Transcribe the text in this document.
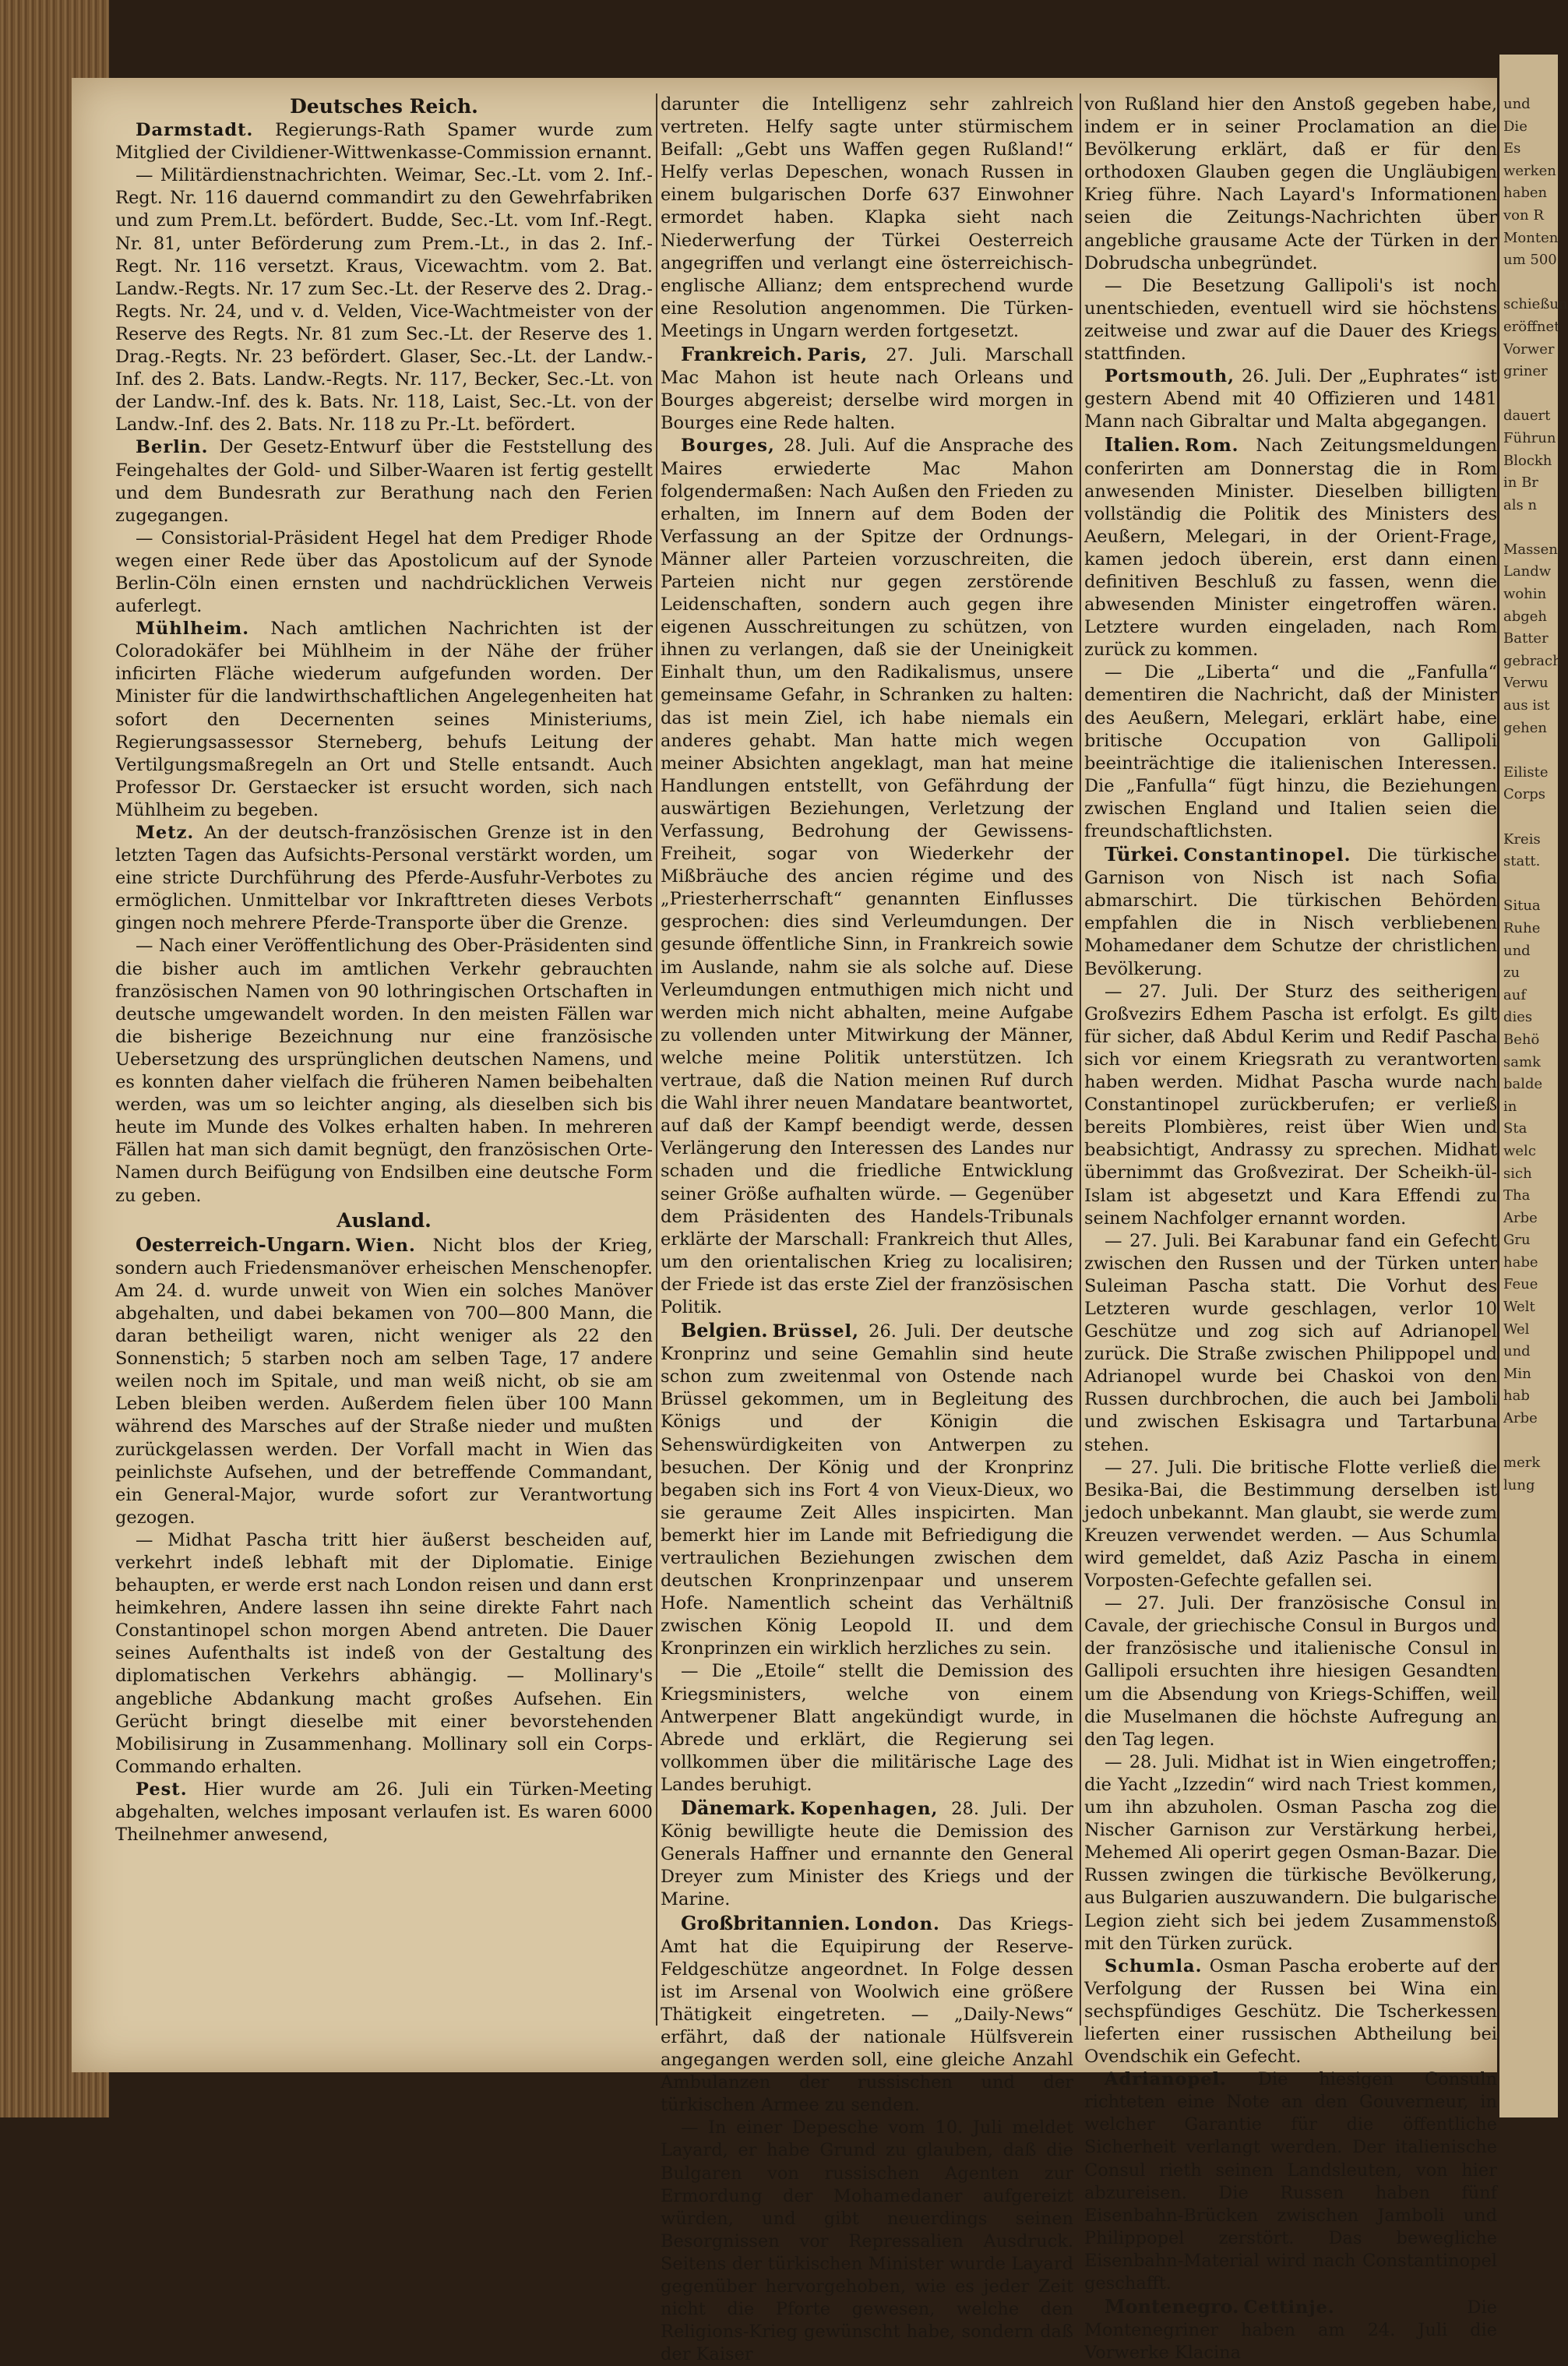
Deutsches Reich.

Darmstadt. Regierungs-Rath Spamer wurde zum Mitglied der Civildiener-Wittwenkasse-Commission ernannt.

— Militärdienstnachrichten. Weimar, Sec.-Lt. vom 2. Inf.-Regt. Nr. 116 dauernd commandirt zu den Gewehrfabriken und zum Prem.Lt. befördert. Budde, Sec.-Lt. vom Inf.-Regt. Nr. 81, unter Beförderung zum Prem.-Lt., in das 2. Inf.-Regt. Nr. 116 versetzt. Kraus, Vicewachtm. vom 2. Bat. Landw.-Regts. Nr. 17 zum Sec.-Lt. der Reserve des 2. Drag.-Regts. Nr. 24, und v. d. Velden, Vice-Wachtmeister von der Reserve des Regts. Nr. 81 zum Sec.-Lt. der Reserve des 1. Drag.-Regts. Nr. 23 befördert. Glaser, Sec.-Lt. der Landw.-Inf. des 2. Bats. Landw.-Regts. Nr. 117, Becker, Sec.-Lt. von der Landw.-Inf. des k. Bats. Nr. 118, Laist, Sec.-Lt. von der Landw.-Inf. des 2. Bats. Nr. 118 zu Pr.-Lt. befördert.

Berlin. Der Gesetz-Entwurf über die Feststellung des Feingehaltes der Gold- und Silber-Waaren ist fertig gestellt und dem Bundesrath zur Berathung nach den Ferien zugegangen.

— Consistorial-Präsident Hegel hat dem Prediger Rhode wegen einer Rede über das Apostolicum auf der Synode Berlin-Cöln einen ernsten und nachdrücklichen Verweis auferlegt.

Mühlheim. Nach amtlichen Nachrichten ist der Coloradokäfer bei Mühlheim in der Nähe der früher inficirten Fläche wiederum aufgefunden worden. Der Minister für die landwirthschaftlichen Angelegenheiten hat sofort den Decernenten seines Ministeriums, Regierungsassessor Sterneberg, behufs Leitung der Vertilgungsmaßregeln an Ort und Stelle entsandt. Auch Professor Dr. Gerstaecker ist ersucht worden, sich nach Mühlheim zu begeben.

Metz. An der deutsch-französischen Grenze ist in den letzten Tagen das Aufsichts-Personal verstärkt worden, um eine stricte Durchführung des Pferde-Ausfuhr-Verbotes zu ermöglichen. Unmittelbar vor Inkrafttreten dieses Verbots gingen noch mehrere Pferde-Transporte über die Grenze.

— Nach einer Veröffentlichung des Ober-Präsidenten sind die bisher auch im amtlichen Verkehr gebrauchten französischen Namen von 90 lothringischen Ortschaften in deutsche umgewandelt worden. In den meisten Fällen war die bisherige Bezeichnung nur eine französische Uebersetzung des ursprünglichen deutschen Namens, und es konnten daher vielfach die früheren Namen beibehalten werden, was um so leichter anging, als dieselben sich bis heute im Munde des Volkes erhalten haben. In mehreren Fällen hat man sich damit begnügt, den französischen Orte-Namen durch Beifügung von Endsilben eine deutsche Form zu geben.

Ausland.

Oesterreich-Ungarn. Wien. Nicht blos der Krieg, sondern auch Friedensmanöver erheischen Menschenopfer. Am 24. d. wurde unweit von Wien ein solches Manöver abgehalten, und dabei bekamen von 700—800 Mann, die daran betheiligt waren, nicht weniger als 22 den Sonnenstich; 5 starben noch am selben Tage, 17 andere weilen noch im Spitale, und man weiß nicht, ob sie am Leben bleiben werden. Außerdem fielen über 100 Mann während des Marsches auf der Straße nieder und mußten zurückgelassen werden. Der Vorfall macht in Wien das peinlichste Aufsehen, und der betreffende Commandant, ein General-Major, wurde sofort zur Verantwortung gezogen.

— Midhat Pascha tritt hier äußerst bescheiden auf, verkehrt indeß lebhaft mit der Diplomatie. Einige behaupten, er werde erst nach London reisen und dann erst heimkehren, Andere lassen ihn seine direkte Fahrt nach Constantinopel schon morgen Abend antreten. Die Dauer seines Aufenthalts ist indeß von der Gestaltung des diplomatischen Verkehrs abhängig. — Mollinary's angebliche Abdankung macht großes Aufsehen. Ein Gerücht bringt dieselbe mit einer bevorstehenden Mobilisirung in Zusammenhang. Mollinary soll ein Corps-Commando erhalten.

Pest. Hier wurde am 26. Juli ein Türken-Meeting abgehalten, welches imposant verlaufen ist. Es waren 6000 Theilnehmer anwesend,

darunter die Intelligenz sehr zahlreich vertreten. Helfy sagte unter stürmischem Beifall: „Gebt uns Waffen gegen Rußland!“ Helfy verlas Depeschen, wonach Russen in einem bulgarischen Dorfe 637 Einwohner ermordet haben. Klapka sieht nach Niederwerfung der Türkei Oesterreich angegriffen und verlangt eine österreichisch-englische Allianz; dem entsprechend wurde eine Resolution angenommen. Die Türken-Meetings in Ungarn werden fortgesetzt.

Frankreich. Paris, 27. Juli. Marschall Mac Mahon ist heute nach Orleans und Bourges abgereist; derselbe wird morgen in Bourges eine Rede halten.

Bourges, 28. Juli. Auf die Ansprache des Maires erwiederte Mac Mahon folgendermaßen: Nach Außen den Frieden zu erhalten, im Innern auf dem Boden der Verfassung an der Spitze der Ordnungs-Männer aller Parteien vorzuschreiten, die Parteien nicht nur gegen zerstörende Leidenschaften, sondern auch gegen ihre eigenen Ausschreitungen zu schützen, von ihnen zu verlangen, daß sie der Uneinigkeit Einhalt thun, um den Radikalismus, unsere gemeinsame Gefahr, in Schranken zu halten: das ist mein Ziel, ich habe niemals ein anderes gehabt. Man hatte mich wegen meiner Absichten angeklagt, man hat meine Handlungen entstellt, von Gefährdung der auswärtigen Beziehungen, Verletzung der Verfassung, Bedrohung der Gewissens-Freiheit, sogar von Wiederkehr der Mißbräuche des ancien régime und des „Priesterherrschaft“ genannten Einflusses gesprochen: dies sind Verleumdungen. Der gesunde öffentliche Sinn, in Frankreich sowie im Auslande, nahm sie als solche auf. Diese Verleumdungen entmuthigen mich nicht und werden mich nicht abhalten, meine Aufgabe zu vollenden unter Mitwirkung der Männer, welche meine Politik unterstützen. Ich vertraue, daß die Nation meinen Ruf durch die Wahl ihrer neuen Mandatare beantwortet, auf daß der Kampf beendigt werde, dessen Verlängerung den Interessen des Landes nur schaden und die friedliche Entwicklung seiner Größe aufhalten würde. — Gegenüber dem Präsidenten des Handels-Tribunals erklärte der Marschall: Frankreich thut Alles, um den orientalischen Krieg zu localisiren; der Friede ist das erste Ziel der französischen Politik.

Belgien. Brüssel, 26. Juli. Der deutsche Kronprinz und seine Gemahlin sind heute schon zum zweitenmal von Ostende nach Brüssel gekommen, um in Begleitung des Königs und der Königin die Sehenswürdigkeiten von Antwerpen zu besuchen. Der König und der Kronprinz begaben sich ins Fort 4 von Vieux-Dieux, wo sie geraume Zeit Alles inspicirten. Man bemerkt hier im Lande mit Befriedigung die vertraulichen Beziehungen zwischen dem deutschen Kronprinzenpaar und unserem Hofe. Namentlich scheint das Verhältniß zwischen König Leopold II. und dem Kronprinzen ein wirklich herzliches zu sein.

— Die „Etoile“ stellt die Demission des Kriegsministers, welche von einem Antwerpener Blatt angekündigt wurde, in Abrede und erklärt, die Regierung sei vollkommen über die militärische Lage des Landes beruhigt.

Dänemark. Kopenhagen, 28. Juli. Der König bewilligte heute die Demission des Generals Haffner und ernannte den General Dreyer zum Minister des Kriegs und der Marine.

Großbritannien. London. Das Kriegs-Amt hat die Equipirung der Reserve-Feldgeschütze angeordnet. In Folge dessen ist im Arsenal von Woolwich eine größere Thätigkeit eingetreten. — „Daily-News“ erfährt, daß der nationale Hülfsverein angegangen werden soll, eine gleiche Anzahl Ambulanzen der russischen und der türkischen Armee zu senden.

— In einer Depesche vom 10. Juli meldet Layard, er habe Grund zu glauben, daß die Bulgaren von russischen Agenten zur Ermordung der Mohamedaner aufgereizt würden, und gibt neuerdings seinen Besorgnissen vor Repressalien Ausdruck. Seitens der türkischen Minister wurde Layard gegenüber hervorgehoben, wie es jeder Zeit nicht die Pforte gewesen, welche den Religions-Krieg gewünscht habe, sondern daß der Kaiser

von Rußland hier den Anstoß gegeben habe, indem er in seiner Proclamation an die Bevölkerung erklärt, daß er für den orthodoxen Glauben gegen die Ungläubigen Krieg führe. Nach Layard's Informationen seien die Zeitungs-Nachrichten über angebliche grausame Acte der Türken in der Dobrudscha unbegründet.

— Die Besetzung Gallipoli's ist noch unentschieden, eventuell wird sie höchstens zeitweise und zwar auf die Dauer des Kriegs stattfinden.

Portsmouth, 26. Juli. Der „Euphrates“ ist gestern Abend mit 40 Offizieren und 1481 Mann nach Gibraltar und Malta abgegangen.

Italien. Rom. Nach Zeitungsmeldungen conferirten am Donnerstag die in Rom anwesenden Minister. Dieselben billigten vollständig die Politik des Ministers des Aeußern, Melegari, in der Orient-Frage, kamen jedoch überein, erst dann einen definitiven Beschluß zu fassen, wenn die abwesenden Minister eingetroffen wären. Letztere wurden eingeladen, nach Rom zurück zu kommen.

— Die „Liberta“ und die „Fanfulla“ dementiren die Nachricht, daß der Minister des Aeußern, Melegari, erklärt habe, eine britische Occupation von Gallipoli beeinträchtige die italienischen Interessen. Die „Fanfulla“ fügt hinzu, die Beziehungen zwischen England und Italien seien die freundschaftlichsten.

Türkei. Constantinopel. Die türkische Garnison von Nisch ist nach Sofia abmarschirt. Die türkischen Behörden empfahlen die in Nisch verbliebenen Mohamedaner dem Schutze der christlichen Bevölkerung.

— 27. Juli. Der Sturz des seitherigen Großvezirs Edhem Pascha ist erfolgt. Es gilt für sicher, daß Abdul Kerim und Redif Pascha sich vor einem Kriegsrath zu verantworten haben werden. Midhat Pascha wurde nach Constantinopel zurückberufen; er verließ bereits Plombières, reist über Wien und beabsichtigt, Andrassy zu sprechen. Midhat übernimmt das Großvezirat. Der Scheikh-ül-Islam ist abgesetzt und Kara Effendi zu seinem Nachfolger ernannt worden.

— 27. Juli. Bei Karabunar fand ein Gefecht zwischen den Russen und der Türken unter Suleiman Pascha statt. Die Vorhut des Letzteren wurde geschlagen, verlor 10 Geschütze und zog sich auf Adrianopel zurück. Die Straße zwischen Philippopel und Adrianopel wurde bei Chaskoi von den Russen durchbrochen, die auch bei Jamboli und zwischen Eskisagra und Tartarbuna stehen.

— 27. Juli. Die britische Flotte verließ die Besika-Bai, die Bestimmung derselben ist jedoch unbekannt. Man glaubt, sie werde zum Kreuzen verwendet werden. — Aus Schumla wird gemeldet, daß Aziz Pascha in einem Vorposten-Gefechte gefallen sei.

— 27. Juli. Der französische Consul in Cavale, der griechische Consul in Burgos und der französische und italienische Consul in Gallipoli ersuchten ihre hiesigen Gesandten um die Absendung von Kriegs-Schiffen, weil die Muselmanen die höchste Aufregung an den Tag legen.

— 28. Juli. Midhat ist in Wien eingetroffen; die Yacht „Izzedin“ wird nach Triest kommen, um ihn abzuholen. Osman Pascha zog die Nischer Garnison zur Verstärkung herbei, Mehemed Ali operirt gegen Osman-Bazar. Die Russen zwingen die türkische Bevölkerung, aus Bulgarien auszuwandern. Die bulgarische Legion zieht sich bei jedem Zusammenstoß mit den Türken zurück.

Schumla. Osman Pascha eroberte auf der Verfolgung der Russen bei Wina ein sechspfündiges Geschütz. Die Tscherkessen lieferten einer russischen Abtheilung bei Ovendschik ein Gefecht.

Adrianopel. Die hiesigen Consuln richteten eine Note an den Gouverneur, in welcher Garantie für die öffentliche Sicherheit verlangt werden. Der italienische Consul rieth seinen Landsleuten, von hier abzureisen. Die Russen haben fünf Eisenbahn-Brücken zwischen Jamboli und Philippopel zerstört. Das bewegliche Eisenbahn-Material wird nach Constantinopel geschafft.

Montenegro. Cettinje.	Die Montenegriner haben am 24. Juli die Vorwerke Klacina

und
Die
Es
werken
haben
von R
Monten
um 500

schießun
eröffnet
Vorwer
griner

dauert
Führun
Blockh
in Br
als n

Massen
Landw
wohin
abgeh
Batter
gebrach
Verwu
aus ist
gehen

Eiliste
Corps

Kreis
statt.

Situa
Ruhe
und
zu
auf
dies
Behö
samk
balde
in
Sta
welc
sich
Tha
Arbe
Gru
habe
Feue
Welt
Wel
und
Min
hab
Arbe

merk
lung
